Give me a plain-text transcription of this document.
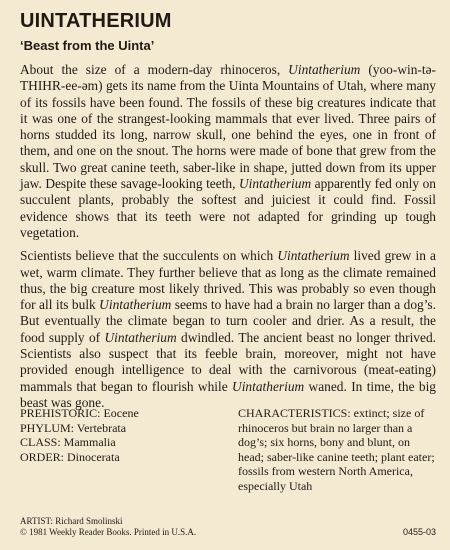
UINTATHERIUM
‘Beast from the Uinta’

About the size of a modern-day rhinoceros, Uintatherium (yoo-win-tə-THIHR-ee-əm) gets its name from the Uinta Mountains of Utah, where many of its fossils have been found. The fossils of these big creatures indicate that it was one of the strangest-looking mammals that ever lived. Three pairs of horns studded its long, narrow skull, one behind the eyes, one in front of them, and one on the snout. The horns were made of bone that grew from the skull. Two great canine teeth, saber-like in shape, jutted down from its upper jaw. Despite these savage-looking teeth, Uintatherium apparently fed only on succulent plants, probably the softest and juiciest it could find. Fossil evidence shows that its teeth were not adapted for grinding up tough vegetation.

Scientists believe that the succulents on which Uintatherium lived grew in a wet, warm climate. They further believe that as long as the climate remained thus, the big creature most likely thrived. This was probably so even though for all its bulk Uintatherium seems to have had a brain no larger than a dog’s. But eventually the climate began to turn cooler and drier. As a result, the food supply of Uintatherium dwindled. The ancient beast no longer thrived. Scientists also suspect that its feeble brain, moreover, might not have provided enough intelligence to deal with the carnivorous (meat-eating) mammals that began to flourish while Uintatherium waned. In time, the big beast was gone.

PREHISTORIC: Eocene
PHYLUM: Vertebrata
CLASS: Mammalia
ORDER: Dinocerata
CHARACTERISTICS: extinct; size of rhinoceros but brain no larger than a dog’s; six horns, bony and blunt, on head; saber-like canine teeth; plant eater; fossils from western North America, especially Utah
ARTIST: Richard Smolinski
© 1981 Weekly Reader Books. Printed in U.S.A.	0455-03
